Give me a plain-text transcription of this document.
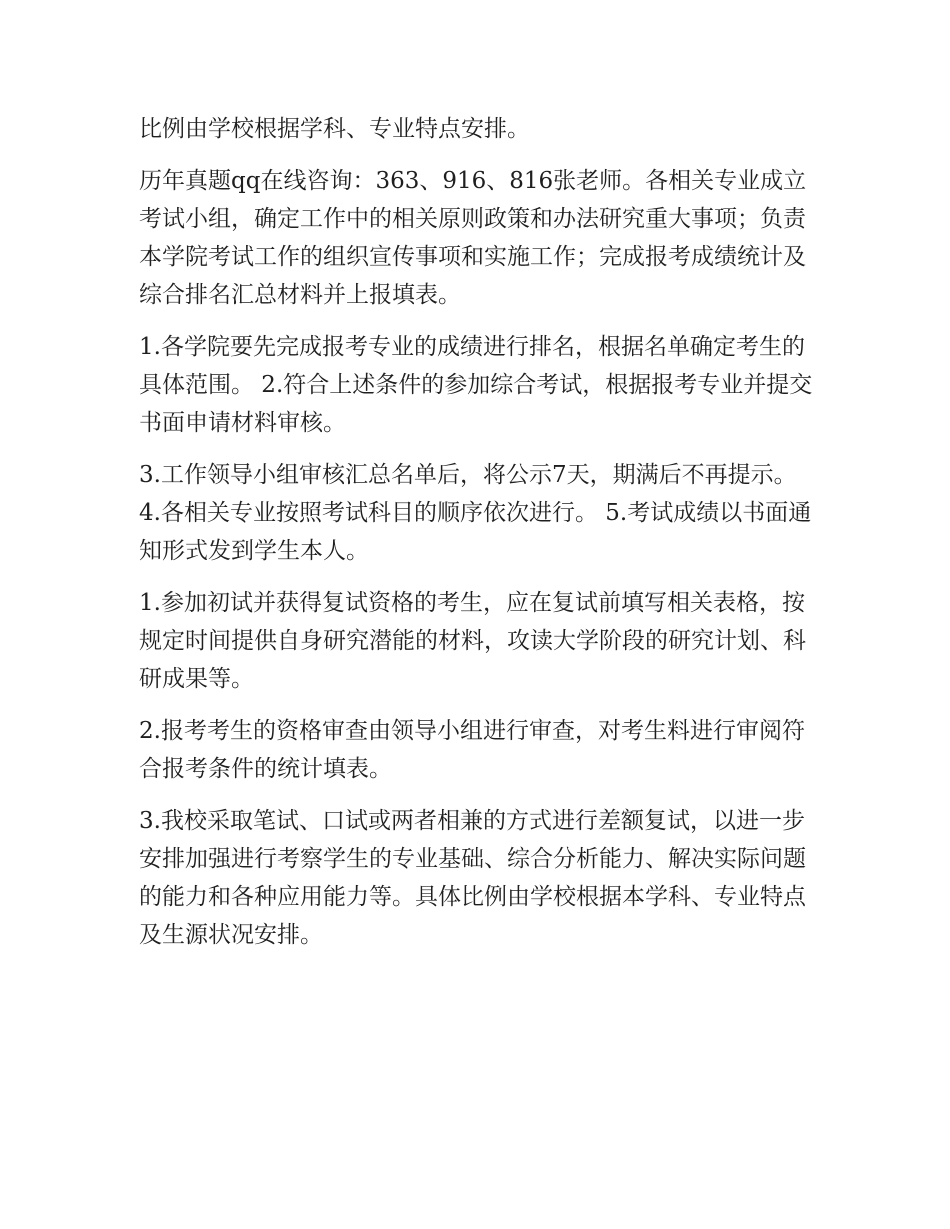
比例由学校根据学科、专业特点安排。

历年真题qq在线咨询：363、916、816张老师。各相关专业成立考试小组，确定工作中的相关原则政策和办法研究重大事项；负责本学院考试工作的组织宣传事项和实施工作；完成报考成绩统计及综合排名汇总材料并上报填表。

1.各学院要先完成报考专业的成绩进行排名，根据名单确定考生的具体范围。 2.符合上述条件的参加综合考试，根据报考专业并提交书面申请材料审核。

3.工作领导小组审核汇总名单后，将公示7天，期满后不再提示。 4.各相关专业按照考试科目的顺序依次进行。 5.考试成绩以书面通知形式发到学生本人。

1.参加初试并获得复试资格的考生，应在复试前填写相关表格，按规定时间提供自身研究潜能的材料，攻读大学阶段的研究计划、科研成果等。

2.报考考生的资格审查由领导小组进行审查，对考生料进行审阅符合报考条件的统计填表。

3.我校采取笔试、口试或两者相兼的方式进行差额复试，以进一步安排加强进行考察学生的专业基础、综合分析能力、解决实际问题的能力和各种应用能力等。具体比例由学校根据本学科、专业特点及生源状况安排。
